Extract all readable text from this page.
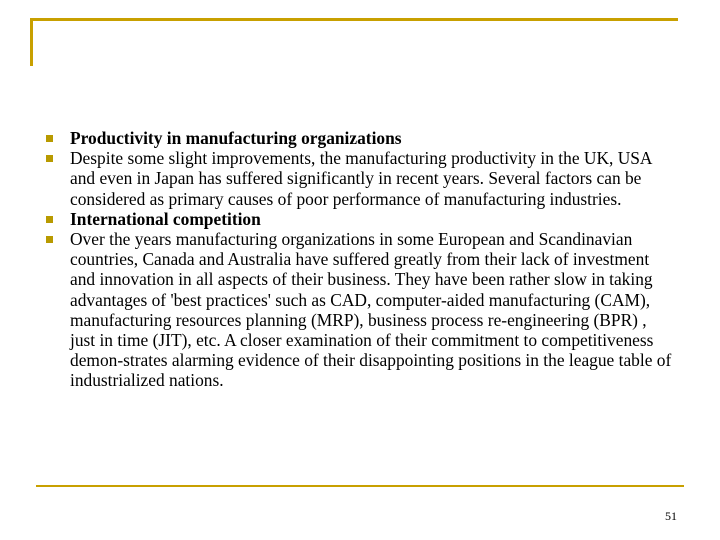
Productivity in manufacturing organizations
Despite some slight improvements, the manufacturing productivity in the UK, USA and even in Japan has suffered significantly in recent years. Several factors can be considered as primary causes of poor performance of manufacturing industries.
International competition
Over the years manufacturing organizations in some European and Scandinavian countries, Canada and Australia have suffered greatly from their lack of investment and innovation in all aspects of their business. They have been rather slow in taking advantages of 'best practices' such as CAD, computer-aided manufacturing (CAM), manufacturing resources planning (MRP), business process re-engineering (BPR) , just in time (JIT), etc. A closer examination of their commitment to competitiveness demon-strates alarming evidence of their disappointing positions in the league table of industrialized nations.
51
